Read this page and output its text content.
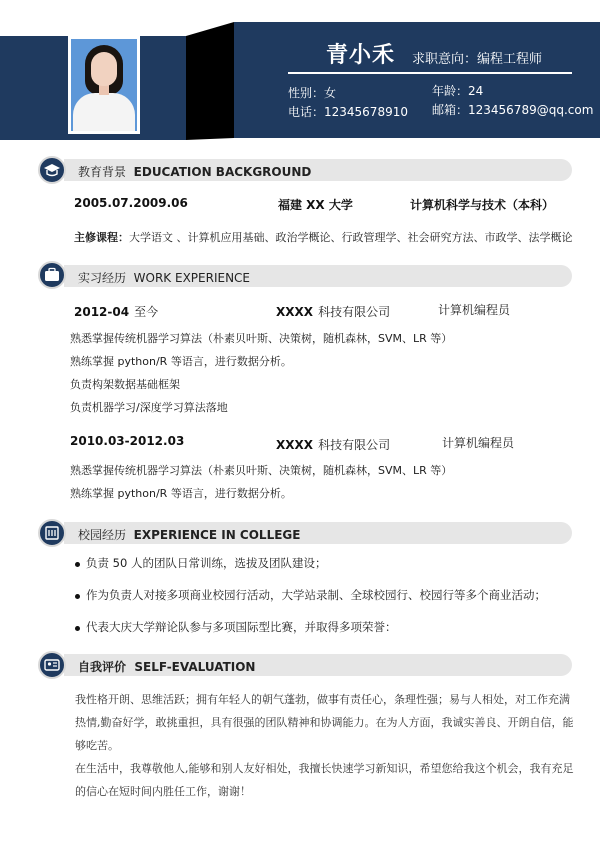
青小禾 求职意向：编程工程师
性别：女	年龄：24
电话：12345678910 邮箱：123456789@qq.com
教育背景 EDUCATION BACKGROUND
2005.07.2009.06	福建 XX 大学	计算机科学与技术（本科）
主修课程：大学语文 、计算机应用基础、政治学概论、行政管理学、社会研究方法、市政学、法学概论
实习经历 WORK EXPERIENCE
2012-04 至今	XXXX 科技有限公司	计算机编程员
熟悉掌握传统机器学习算法（朴素贝叶斯、决策树，随机森林，SVM、LR 等）
熟练掌握 python/R 等语言，进行数据分析。
负责构架数据基础框架
负责机器学习/深度学习算法落地
2010.03-2012.03	XXXX 科技有限公司	计算机编程员
熟悉掌握传统机器学习算法（朴素贝叶斯、决策树，随机森林，SVM、LR 等）
熟练掌握 python/R 等语言，进行数据分析。
校园经历 EXPERIENCE IN COLLEGE
负责 50 人的团队日常训练，选拔及团队建设；
作为负责人对接多项商业校园行活动，大学站录制、全球校园行、校园行等多个商业活动；
代表大庆大学辩论队参与多项国际型比赛，并取得多项荣誉：
自我评价 SELF-EVALUATION
我性格开朗、思维活跃；拥有年轻人的朝气蓬勃，做事有责任心，条理性强；易与人相处，对工作充满
热情,勤奋好学，敢挑重担，具有很强的团队精神和协调能力。在为人方面，我诚实善良、开朗自信，能
够吃苦。
在生活中，我尊敬他人,能够和别人友好相处，我擅长快速学习新知识，希望您给我这个机会，我有充足
的信心在短时间内胜任工作，谢谢！
